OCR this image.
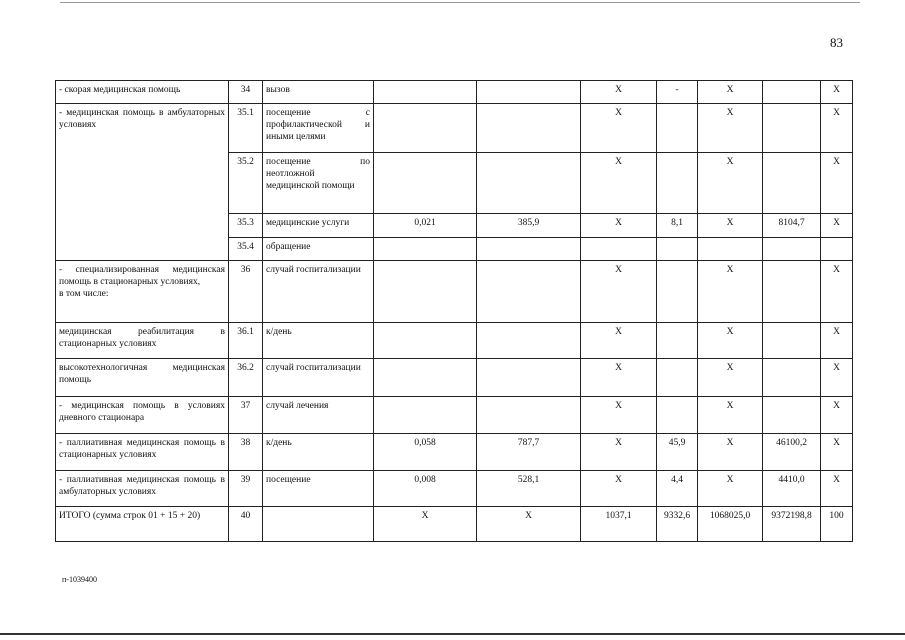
83
- скорая медицинская помощь	34	вызов			X	-	X		X
- медицинская помощь в амбулаторных условиях	35.1	посещение с профилактической и иными целями			X		X		X
	35.2	посещение по неотложной медицинской помощи			X		X		X
	35.3	медицинские услуги	0,021	385,9	X	8,1	X	8104,7	X
	35.4	обращение							

- специализированная медицинская помощь в стационарных условиях,
в том числе:	36	случай госпитализации			X		X		X
медицинская реабилитация в стационарных условиях	36.1	к/день			X		X		X
высокотехнологичная медицинская помощь	36.2	случай госпитализации			X		X		X
- медицинская помощь в условиях дневного стационара	37	случай лечения			X		X		X
- паллиативная медицинская помощь в стационарных условиях	38	к/день	0,058	787,7	X	45,9	X	46100,2	X
- паллиативная медицинская помощь в амбулаторных условиях	39	посещение	0,008	528,1	X	4,4	X	4410,0	X
ИТОГО (сумма строк 01 + 15 + 20)	40		X	X	1037,1	9332,6	1068025,0	9372198,8	100
п-1039400
